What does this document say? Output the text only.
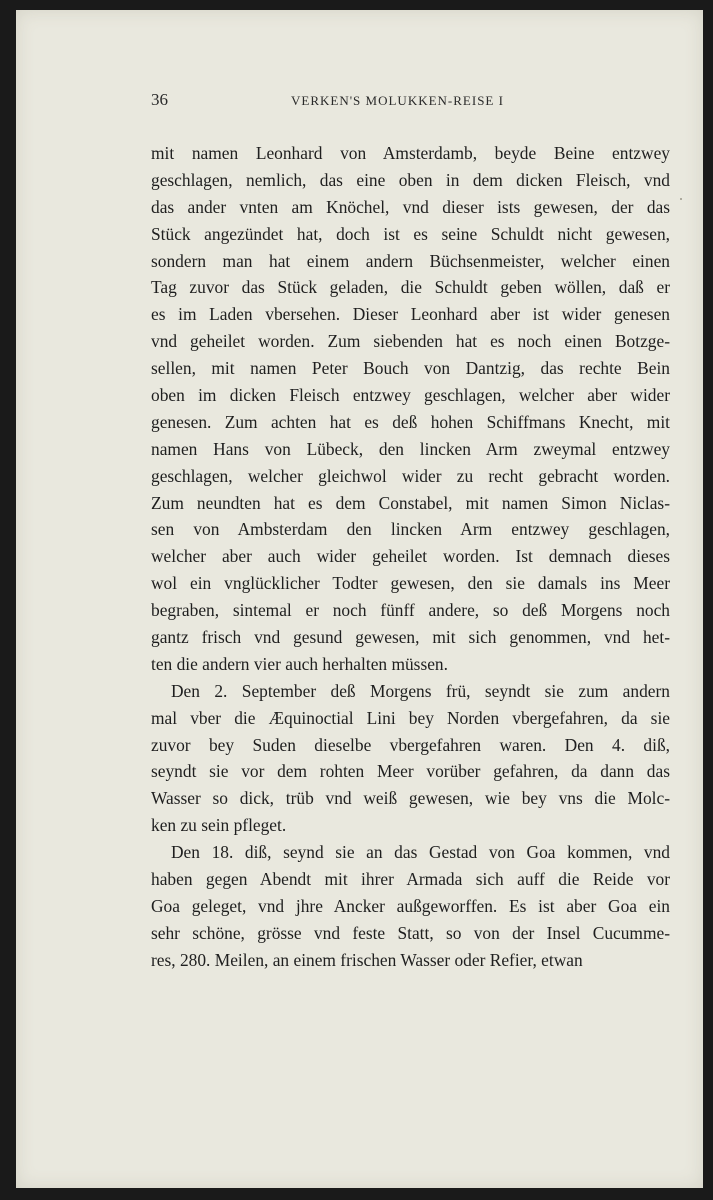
36	VERKEN'S MOLUKKEN-REISE I
mit namen Leonhard von Amsterdamb, beyde Beine entzwey
geschlagen, nemlich, das eine oben in dem dicken Fleisch, vnd
das ander vnten am Knöchel, vnd dieser ists gewesen, der das
Stück angezündet hat, doch ist es seine Schuldt nicht gewesen,
sondern man hat einem andern Büchsenmeister, welcher einen
Tag zuvor das Stück geladen, die Schuldt geben wöllen, daß er
es im Laden vbersehen. Dieser Leonhard aber ist wider genesen
vnd geheilet worden. Zum siebenden hat es noch einen Botzge-
sellen, mit namen Peter Bouch von Dantzig, das rechte Bein
oben im dicken Fleisch entzwey geschlagen, welcher aber wider
genesen. Zum achten hat es deß hohen Schiffmans Knecht, mit
namen Hans von Lübeck, den lincken Arm zweymal entzwey
geschlagen, welcher gleichwol wider zu recht gebracht worden.
Zum neundten hat es dem Constabel, mit namen Simon Niclas-
sen von Ambsterdam den lincken Arm entzwey geschlagen,
welcher aber auch wider geheilet worden. Ist demnach dieses
wol ein vnglücklicher Todter gewesen, den sie damals ins Meer
begraben, sintemal er noch fünff andere, so deß Morgens noch
gantz frisch vnd gesund gewesen, mit sich genommen, vnd het-
ten die andern vier auch herhalten müssen.
Den 2. September deß Morgens frü, seyndt sie zum andern
mal vber die Æquinoctial Lini bey Norden vbergefahren, da sie
zuvor bey Suden dieselbe vbergefahren waren. Den 4. diß,
seyndt sie vor dem rohten Meer vorüber gefahren, da dann das
Wasser so dick, trüb vnd weiß gewesen, wie bey vns die Molc-
ken zu sein pfleget.
Den 18. diß, seynd sie an das Gestad von Goa kommen, vnd
haben gegen Abendt mit ihrer Armada sich auff die Reide vor
Goa geleget, vnd jhre Ancker außgeworffen. Es ist aber Goa ein
sehr schöne, grösse vnd feste Statt, so von der Insel Cucumme-
res, 280. Meilen, an einem frischen Wasser oder Refier, etwan
